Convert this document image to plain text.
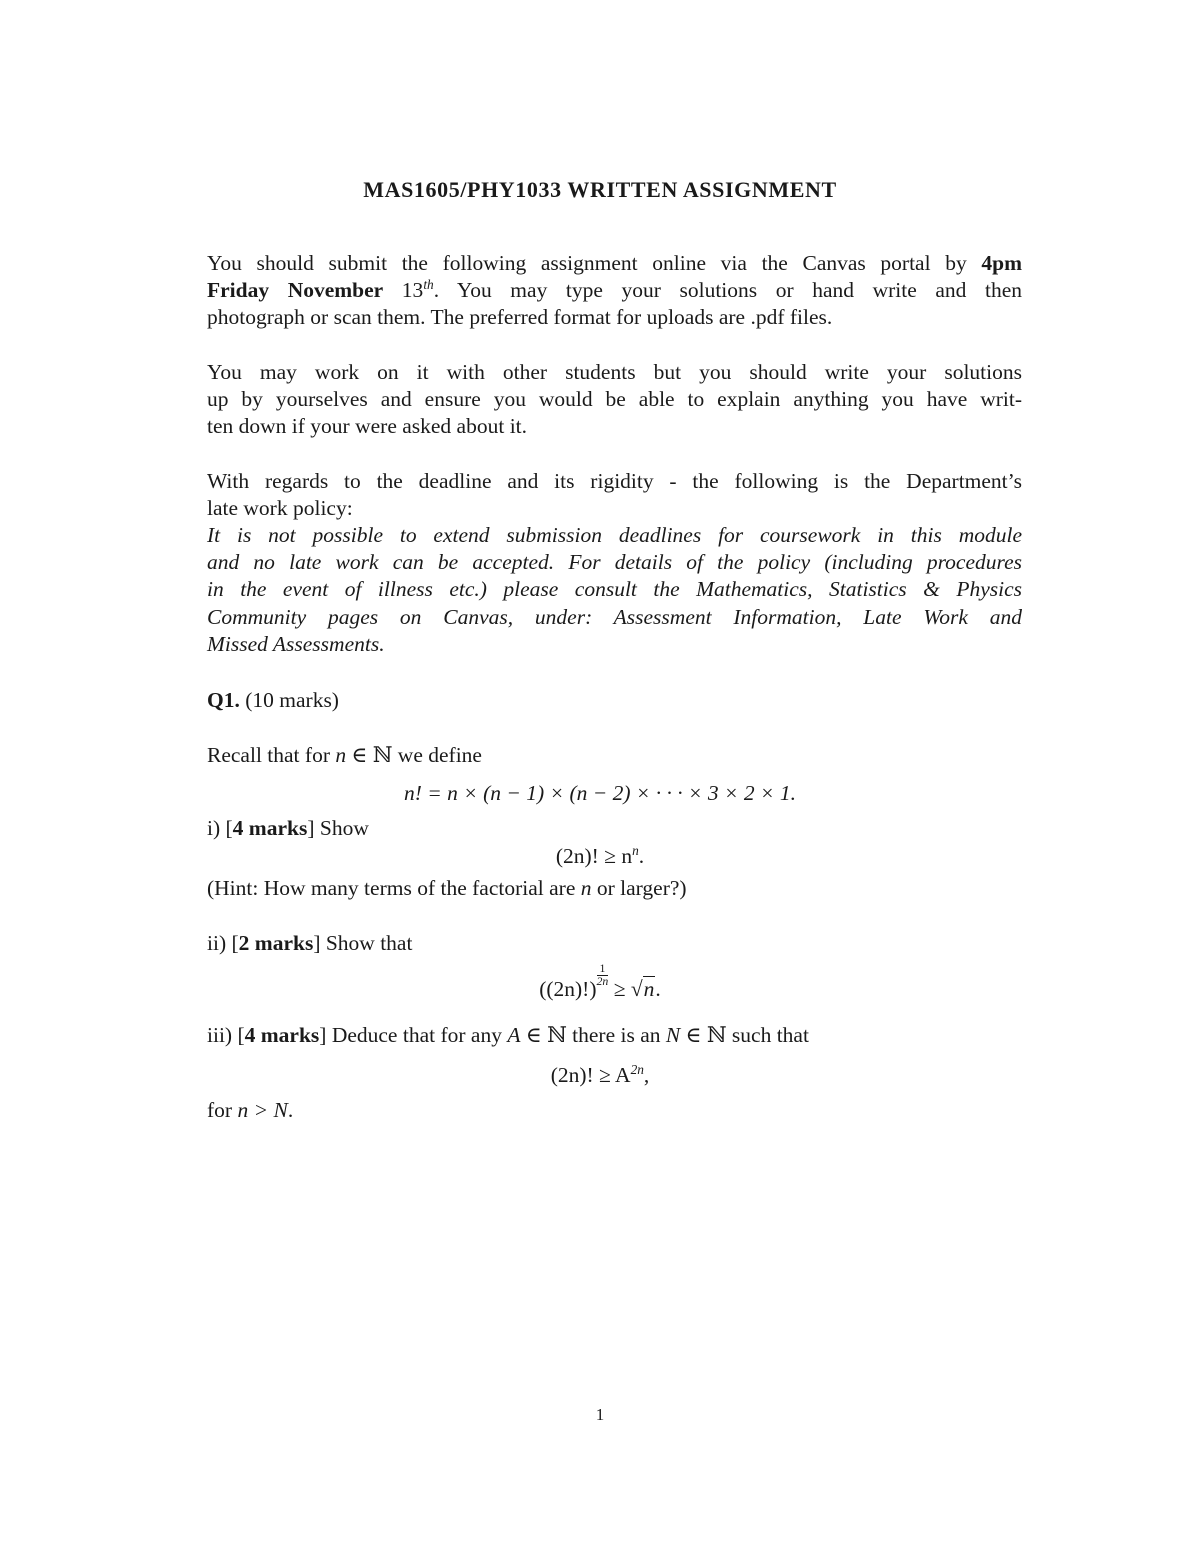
MAS1605/PHY1033 WRITTEN ASSIGNMENT
You should submit the following assignment online via the Canvas portal by 4pm
Friday November 13th. You may type your solutions or hand write and then
photograph or scan them. The preferred format for uploads are .pdf files.
You may work on it with other students but you should write your solutions
up by yourselves and ensure you would be able to explain anything you have writ-
ten down if your were asked about it.
With regards to the deadline and its rigidity - the following is the Department’s
late work policy:
It is not possible to extend submission deadlines for coursework in this module
and no late work can be accepted. For details of the policy (including procedures
in the event of illness etc.) please consult the Mathematics, Statistics & Physics
Community pages on Canvas, under: Assessment Information, Late Work and
Missed Assessments.
Q1. (10 marks)
Recall that for n ∈ ℕ we define
n! = n × (n − 1) × (n − 2) × · · · × 3 × 2 × 1.
i) [4 marks] Show
(2n)! ≥ $n^n$.
(Hint: How many terms of the factorial are n or larger?)
ii) [2 marks] Show that
((2n)!)
$\frac{1}{2n}$
≥ √n.
iii) [4 marks] Deduce that for any A ∈ ℕ there is an N ∈ ℕ such that
(2n)! ≥ $A^{2n}$,
for n > N.
1
